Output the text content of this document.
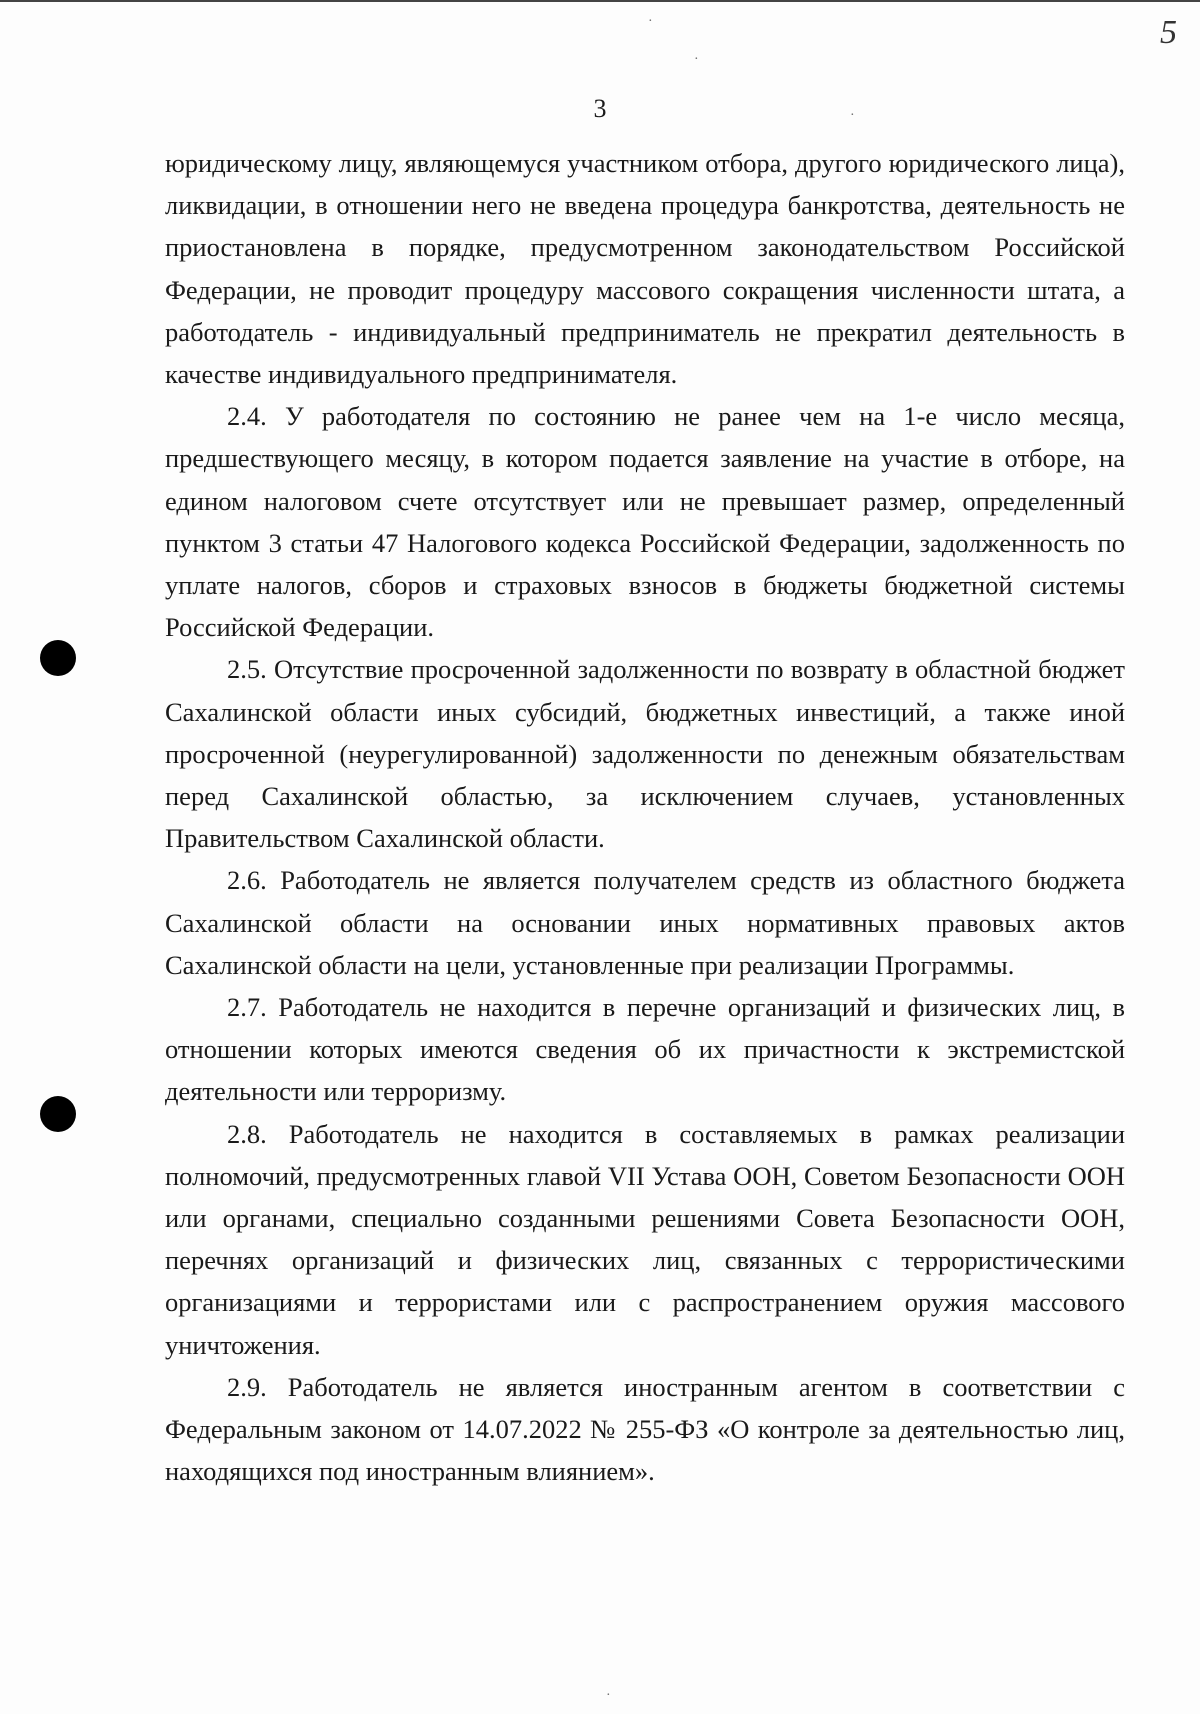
5
3
·
·
·
·

юридическому лицу, являющемуся участником отбора, другого юридического лица), ликвидации, в отношении него не введена процедура банкротства, деятельность не приостановлена в порядке, предусмотренном законодательством Российской Федерации, не проводит процедуру массового сокращения численности штата, а работодатель - индивидуальный предприниматель не прекратил деятельность в качестве индивидуального предпринимателя.

2.4. У работодателя по состоянию не ранее чем на 1-е число месяца, предшествующего месяцу, в котором подается заявление на участие в отборе, на едином налоговом счете отсутствует или не превышает размер, определенный пунктом 3 статьи 47 Налогового кодекса Российской Федерации, задолженность по уплате налогов, сборов и страховых взносов в бюджеты бюджетной системы Российской Федерации.

2.5. Отсутствие просроченной задолженности по возврату в областной бюджет Сахалинской области иных субсидий, бюджетных инвестиций, а также иной просроченной (неурегулированной) задолженности по денежным обязательствам перед Сахалинской областью, за исключением случаев, установленных Правительством Сахалинской области.

2.6. Работодатель не является получателем средств из областного бюджета Сахалинской области на основании иных нормативных правовых актов Сахалинской области на цели, установленные при реализации Программы.

2.7. Работодатель не находится в перечне организаций и физических лиц, в отношении которых имеются сведения об их причастности к экстремистской деятельности или терроризму.

2.8. Работодатель не находится в составляемых в рамках реализации полномочий, предусмотренных главой VII Устава ООН, Советом Безопасности ООН или органами, специально созданными решениями Совета Безопасности ООН, перечнях организаций и физических лиц, связанных с террористическими организациями и террористами или с распространением оружия массового уничтожения.

2.9. Работодатель не является иностранным агентом в соответствии с Федеральным законом от 14.07.2022 № 255-ФЗ «О контроле за деятельностью лиц, находящихся под иностранным влиянием».
